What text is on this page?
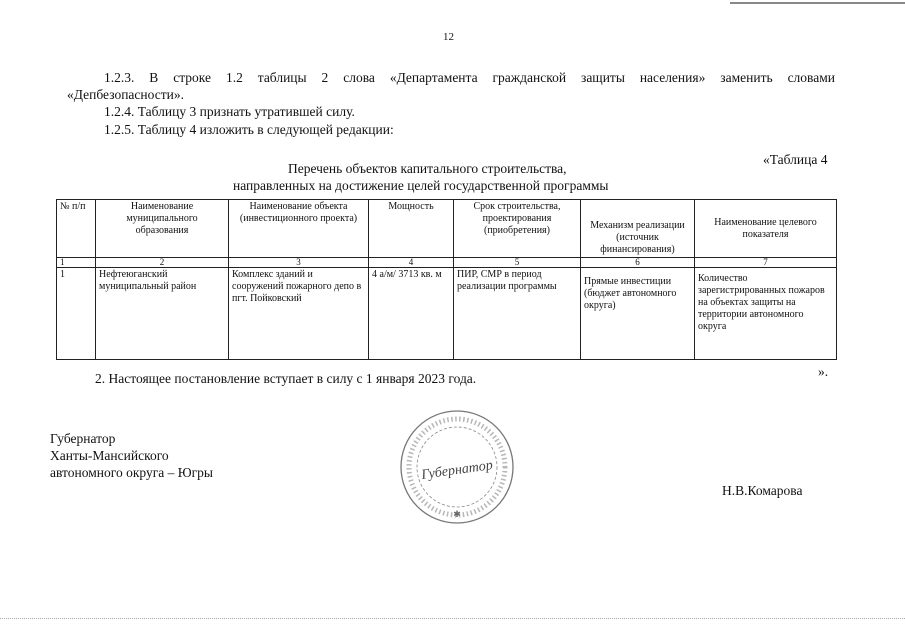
12
1.2.3. В строке 1.2 таблицы 2 слова «Департамента гражданской защиты населения» заменить словами
«Депбезопасности».
1.2.4. Таблицу 3 признать утратившей силу.
1.2.5. Таблицу 4 изложить в следующей редакции:
«Таблица 4
Перечень объектов капитального строительства,
направленных на достижение целей государственной программы
№ п/п	Наименование муниципального образования	Наименование объекта (инвестиционного проекта)	Мощность	Срок строительства, проектирования (приобретения)	Механизм реализации (источник финансирования)	Наименование целевого показателя
1	2	3	4	5	6	7
1	Нефтеюганский муниципальный район	Комплекс зданий и сооружений пожарного депо в пгт. Пойковский	4 а/м/ 3713 кв. м	ПИР, СМР в период реализации программы	Прямые инвестиции (бюджет автономного округа)	Количество зарегистрированных пожаров на объектах защиты на территории автономного округа
2. Настоящее постановление вступает в силу с 1 января 2023 года.	».
Губернатор
Ханты-Мансийского
автономного округа – Югры
Н.В.Комарова
Губернатор
✱
